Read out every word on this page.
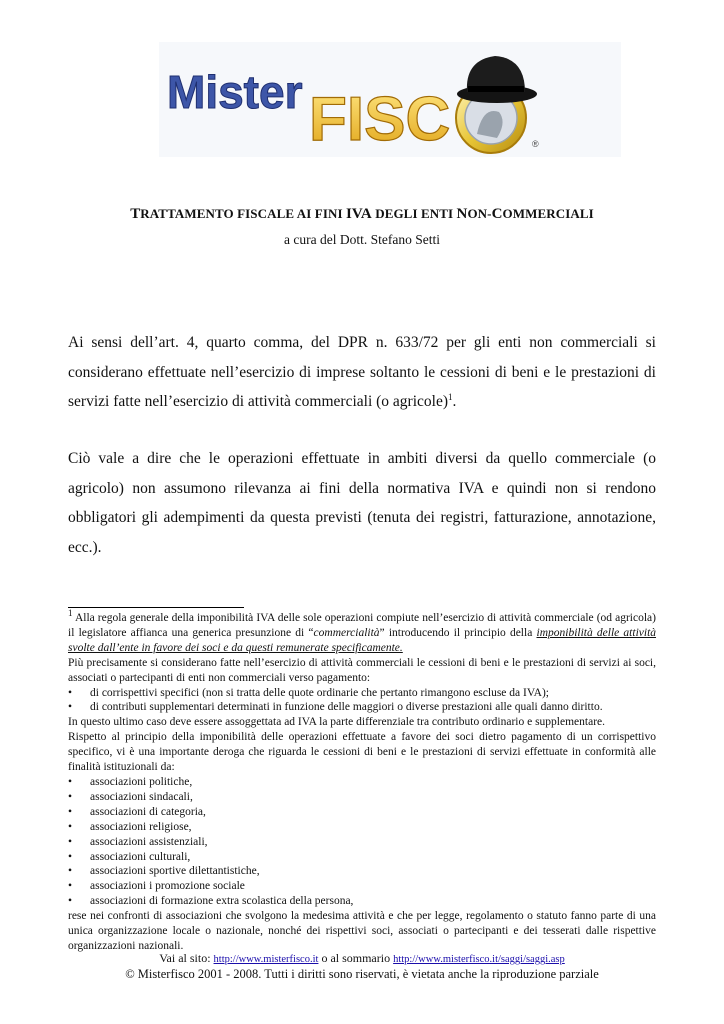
Mister FISC	®
TRATTAMENTO FISCALE AI FINI IVA DEGLI ENTI NON-COMMERCIALI
a cura del Dott. Stefano Setti
Ai sensi dell’art. 4, quarto comma, del DPR n. 633/72 per gli enti non commerciali si considerano effettuate nell’esercizio di imprese soltanto le cessioni di beni e le prestazioni di servizi fatte nell’esercizio di attività commerciali (o agricole)$^1$.
Ciò vale a dire che le operazioni effettuate in ambiti diversi da quello commerciale (o agricolo) non assumono rilevanza ai fini della normativa IVA e quindi non si rendono obbligatori gli adempimenti da questa previsti (tenuta dei registri, fatturazione, annotazione, ecc.).

$^1$ Alla regola generale della imponibilità IVA delle sole operazioni compiute nell’esercizio di attività commerciale (od agricola) il legislatore affianca una generica presunzione di “commercialità” introducendo il principio della imponibilità delle attività svolte dall’ente in favore dei soci e da questi remunerate specificamente.

Più precisamente si considerano fatte nell’esercizio di attività commerciali le cessioni di beni e le prestazioni di servizi ai soci, associati o partecipanti di enti non commerciali verso pagamento:

• di corrispettivi specifici (non si tratta delle quote ordinarie che pertanto rimangono escluse da IVA);
• di contributi supplementari determinati in funzione delle maggiori o diverse prestazioni alle quali danno diritto.

In questo ultimo caso deve essere assoggettata ad IVA la parte differenziale tra contributo ordinario e supplementare.

Rispetto al principio della imponibilità delle operazioni effettuate a favore dei soci dietro pagamento di un corrispettivo specifico, vi è una importante deroga che riguarda le cessioni di beni e le prestazioni di servizi effettuate in conformità alle finalità istituzionali da:

• associazioni politiche,
• associazioni sindacali,
• associazioni di categoria,
• associazioni religiose,
• associazioni assistenziali,
• associazioni culturali,
• associazioni sportive dilettantistiche,
• associazioni i promozione sociale
• associazioni di formazione extra scolastica della persona,

rese nei confronti di associazioni che svolgono la medesima attività e che per legge, regolamento o statuto fanno parte di una unica organizzazione locale o nazionale, nonché dei rispettivi soci, associati o partecipanti e dei tesserati dalle rispettive organizzazioni nazionali.

Vai al sito: http://www.misterfisco.it o al sommario http://www.misterfisco.it/saggi/saggi.asp
© Misterfisco 2001 - 2008. Tutti i diritti sono riservati, è vietata anche la riproduzione parziale
